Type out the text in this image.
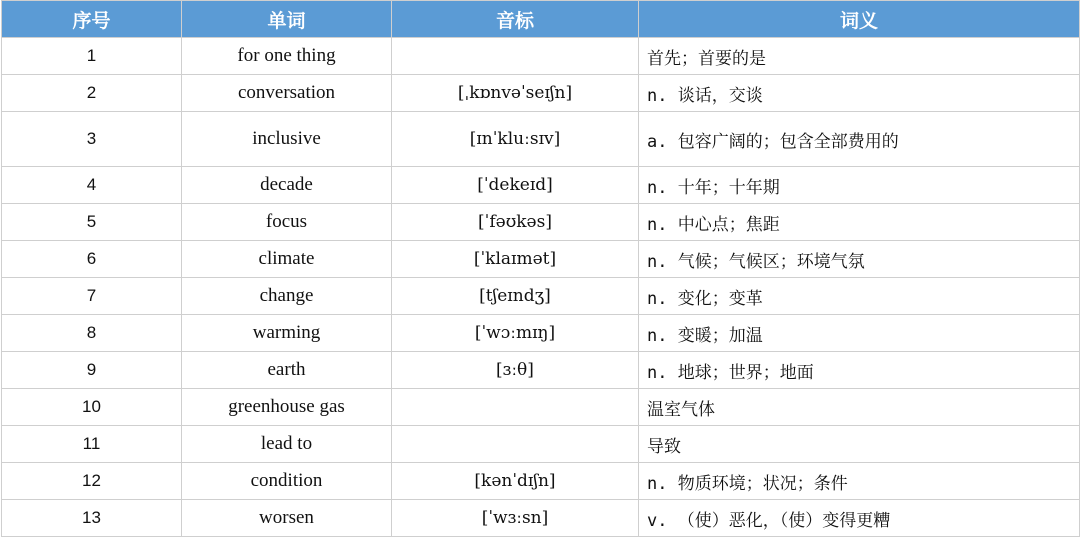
序号	单词	音标	词义
1	for one thing		首先；首要的是
2	conversation	[ˌkɒnvəˈseɪʃn]	n. 谈话，交谈
3	inclusive	[ɪnˈkluːsɪv]	a. 包容广阔的；包含全部费用的
4	decade	[ˈdekeɪd]	n. 十年；十年期
5	focus	[ˈfəʊkəs]	n. 中心点；焦距
6	climate	[ˈklaɪmət]	n. 气候；气候区；环境气氛
7	change	[tʃeɪndʒ]	n. 变化；变革
8	warming	[ˈwɔːmɪŋ]	n. 变暖；加温
9	earth	[ɜːθ]	n. 地球；世界；地面
10	greenhouse gas		温室气体
11	lead to		导致
12	condition	[kənˈdɪʃn]	n. 物质环境；状况；条件
13	worsen	[ˈwɜːsn]	v. （使）恶化，（使）变得更糟
